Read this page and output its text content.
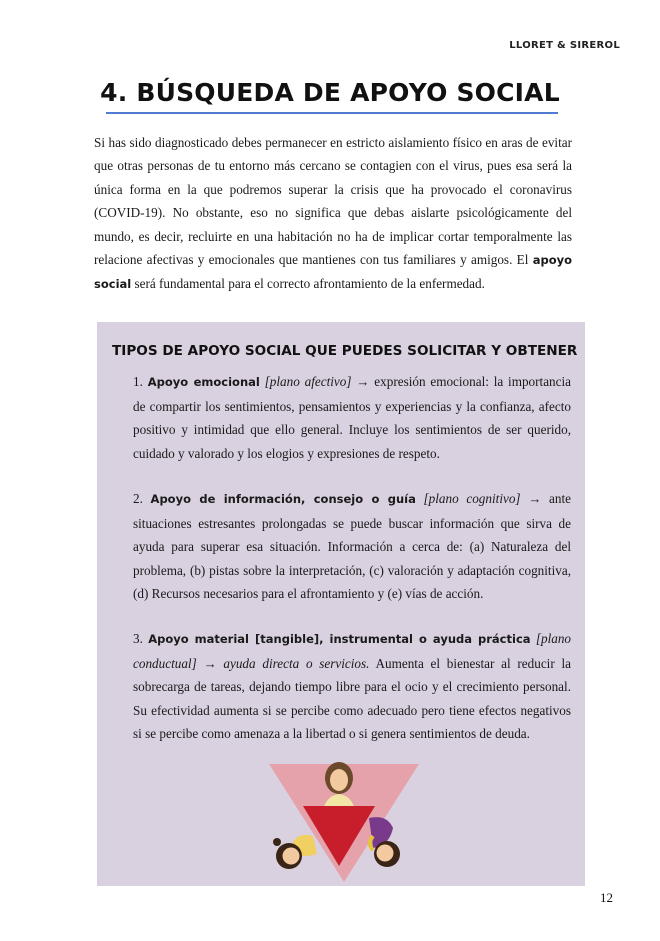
LLORET & SIREROL
4. BÚSQUEDA DE APOYO SOCIAL

Si has sido diagnosticado debes permanecer en estricto aislamiento físico en aras de evitar que otras personas de tu entorno más cercano se contagien con el virus, pues esa será la única forma en la que podremos superar la crisis que ha provocado el coronavirus (COVID-19). No obstante, eso no significa que debas aislarte psicológicamente del mundo, es decir, recluirte en una habitación no ha de implicar cortar temporalmente las relacione afectivas y emocionales que mantienes con tus familiares y amigos. El apoyo social será fundamental para el correcto afrontamiento de la enfermedad.

TIPOS DE APOYO SOCIAL QUE PUEDES SOLICITAR Y OBTENER

1. Apoyo emocional [plano afectivo] → expresión emocional: la importancia de compartir los sentimientos, pensamientos y experiencias y la confianza, afecto positivo y intimidad que ello general. Incluye los sentimientos de ser querido, cuidado y valorado y los elogios y expresiones de respeto.

2. Apoyo de información, consejo o guía [plano cognitivo] → ante situaciones estresantes prolongadas se puede buscar información que sirva de ayuda para superar esa situación. Información a cerca de: (a) Naturaleza del problema, (b) pistas sobre la interpretación, (c) valoración y adaptación cognitiva, (d) Recursos necesarios para el afrontamiento y (e) vías de acción.

3. Apoyo material [tangible], instrumental o ayuda práctica [plano conductual] → ayuda directa o servicios. Aumenta el bienestar al reducir la sobrecarga de tareas, dejando tiempo libre para el ocio y el crecimiento personal. Su efectividad aumenta si se percibe como adecuado pero tiene efectos negativos si se percibe como amenaza a la libertad o si genera sentimientos de deuda.

12
